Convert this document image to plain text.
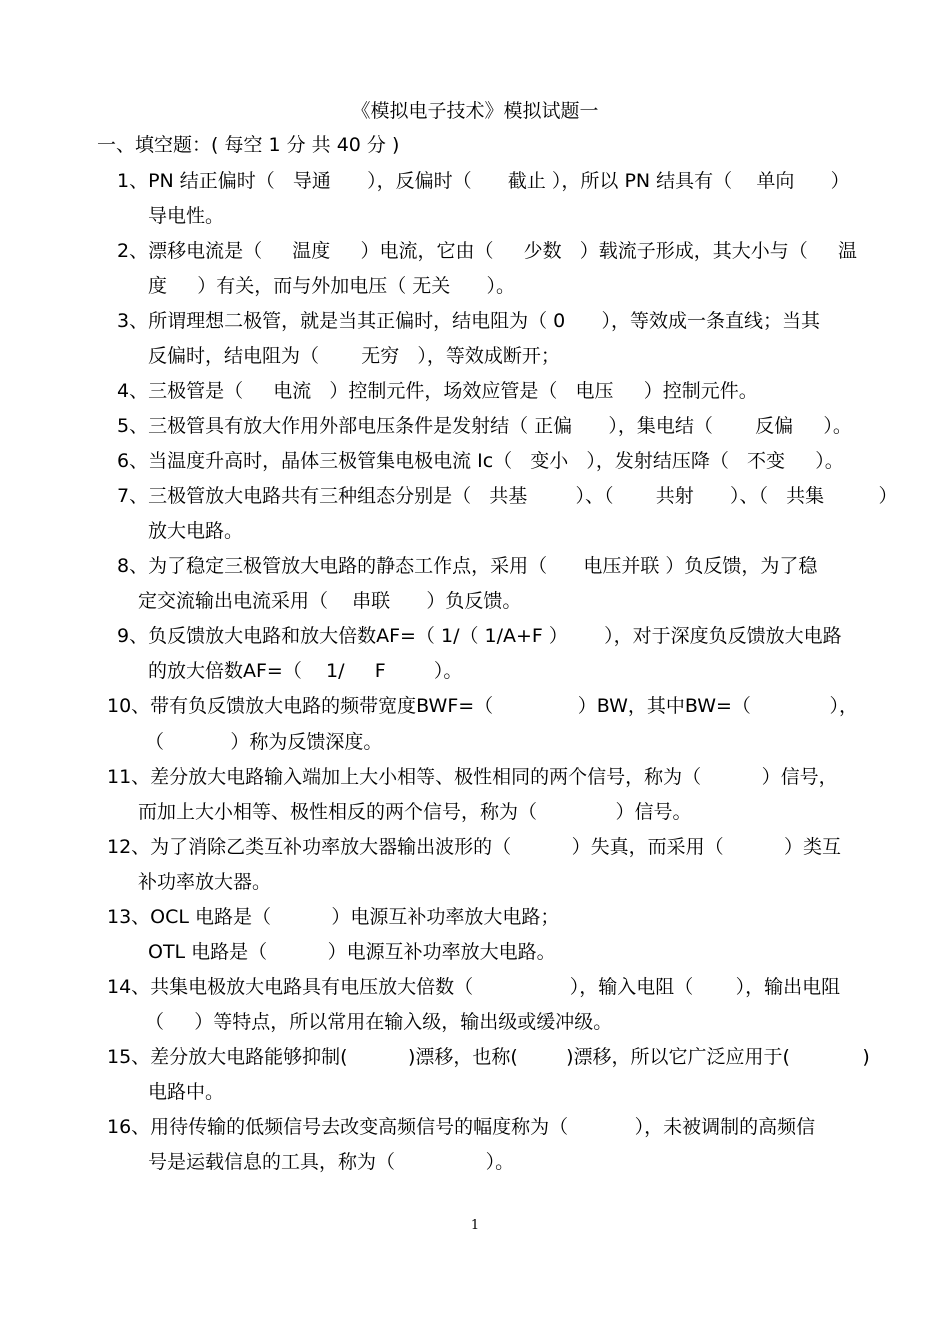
《模拟电子技术》模拟试题一
一、填空题：( 每空 1 分 共 40 分 )
1、PN 结正偏时（   导通      ），反偏时（      截止 ），所以 PN 结具有（    单向      ）
导电性。
2、漂移电流是（     温度     ）电流，它由（     少数   ）载流子形成，其大小与（     温
度     ）有关，而与外加电压（ 无关      ）。
3、所谓理想二极管，就是当其正偏时，结电阻为（ 0      ），等效成一条直线；当其
反偏时，结电阻为（       无穷   ），等效成断开；
4、三极管是（     电流   ）控制元件，场效应管是（   电压     ）控制元件。
5、三极管具有放大作用外部电压条件是发射结（ 正偏      ），集电结（       反偏     ）。
6、当温度升高时，晶体三极管集电极电流 Ic（   变小   ），发射结压降（   不变     ）。
7、三极管放大电路共有三种组态分别是（   共基        ）、（       共射      ）、（   共集         ）
放大电路。
8、为了稳定三极管放大电路的静态工作点，采用（      电压并联 ）负反馈，为了稳
定交流输出电流采用（    串联      ）负反馈。
9、负反馈放大电路和放大倍数AF=（ 1/（ 1/A+F ）      ），对于深度负反馈放大电路
的放大倍数AF=（    1/     F        ）。
10、带有负反馈放大电路的频带宽度BWF=（              ）BW，其中BW=（             ），
（           ）称为反馈深度。
11、差分放大电路输入端加上大小相等、极性相同的两个信号，称为（          ）信号，
而加上大小相等、极性相反的两个信号，称为（             ）信号。
12、为了消除乙类互补功率放大器输出波形的（          ）失真，而采用（          ）类互
补功率放大器。
13、OCL 电路是（          ）电源互补功率放大电路；
OTL 电路是（          ）电源互补功率放大电路。
14、共集电极放大电路具有电压放大倍数（                ），输入电阻（       ），输出电阻
（     ）等特点，所以常用在输入级，输出级或缓冲级。
15、差分放大电路能够抑制(          )漂移，也称(        )漂移，所以它广泛应用于(            )
电路中。
16、用待传输的低频信号去改变高频信号的幅度称为（           ），未被调制的高频信
号是运载信息的工具，称为（               ）。
1
